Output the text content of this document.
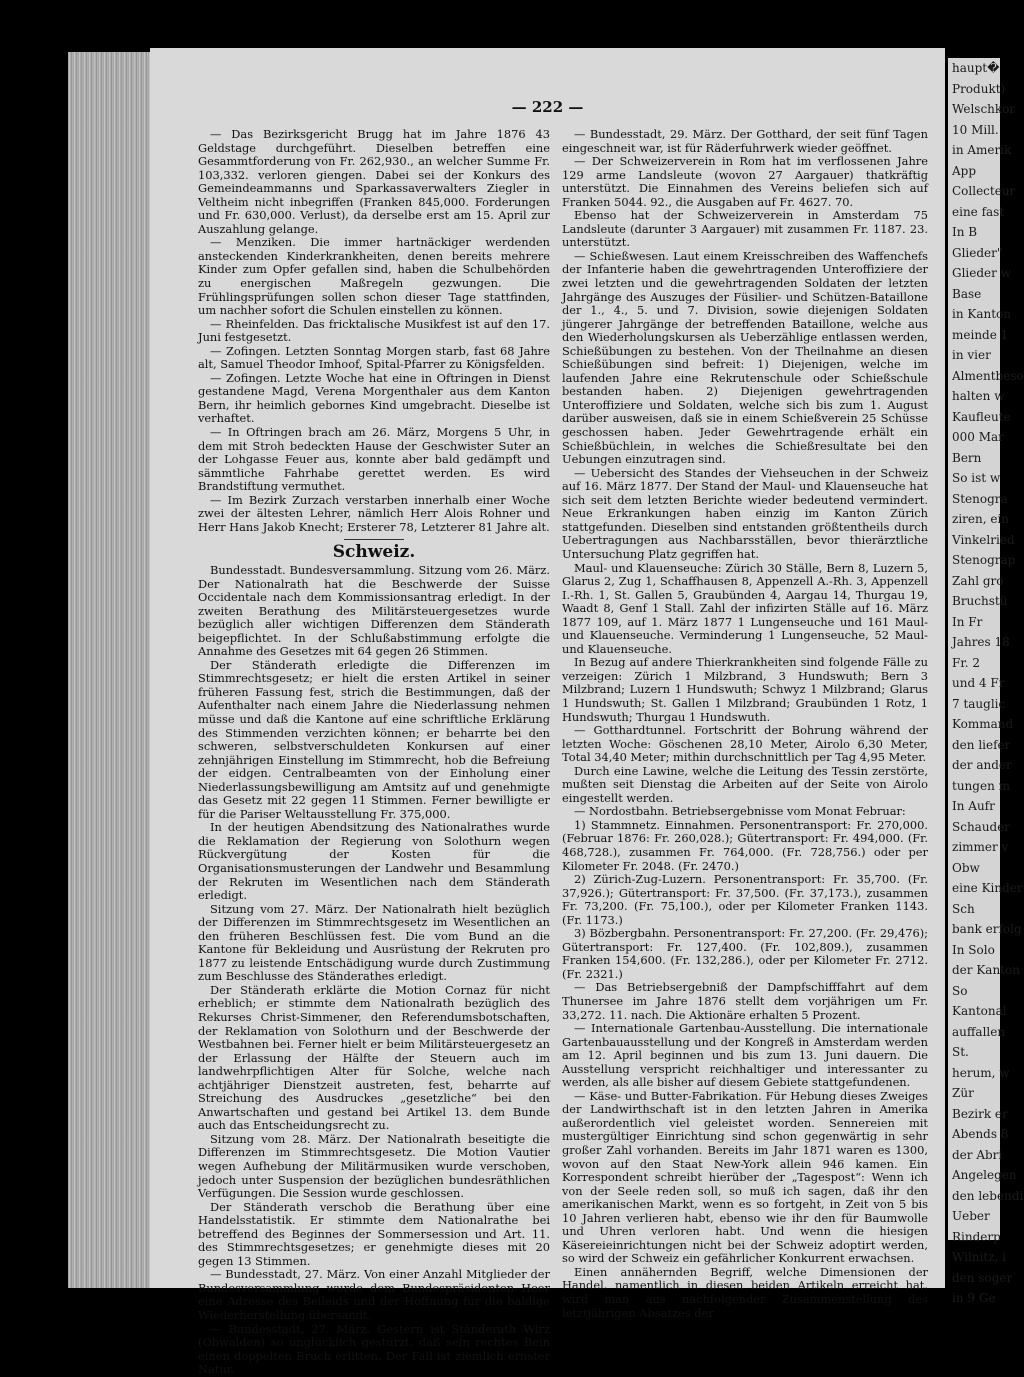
— 222 —

— Das Bezirksgericht Brugg hat im Jahre 1876 43 Geldstage durchgeführt. Dieselben betreffen eine Gesammtforderung von Fr. 262,930., an welcher Summe Fr. 103,332. verloren giengen. Dabei sei der Konkurs des Gemeindeammanns und Sparkassaverwalters Ziegler in Veltheim nicht inbegriffen (Franken 845,000. Forderungen und Fr. 630,000. Verlust), da derselbe erst am 15. April zur Auszahlung gelange.

— Menziken. Die immer hartnäckiger werdenden ansteckenden Kinderkrankheiten, denen bereits mehrere Kinder zum Opfer gefallen sind, haben die Schulbehörden zu energischen Maßregeln gezwungen. Die Frühlingsprüfungen sollen schon dieser Tage stattfinden, um nachher sofort die Schulen einstellen zu können.

— Rheinfelden. Das fricktalische Musikfest ist auf den 17. Juni festgesetzt.

— Zofingen. Letzten Sonntag Morgen starb, fast 68 Jahre alt, Samuel Theodor Imhoof, Spital-Pfarrer zu Königsfelden.

— Zofingen. Letzte Woche hat eine in Oftringen in Dienst gestandene Magd, Verena Morgenthaler aus dem Kanton Bern, ihr heimlich gebornes Kind umgebracht. Dieselbe ist verhaftet.

— In Oftringen brach am 26. März, Morgens 5 Uhr, in dem mit Stroh bedeckten Hause der Geschwister Suter an der Lohgasse Feuer aus, konnte aber bald gedämpft und sämmtliche Fahrhabe gerettet werden. Es wird Brandstiftung vermuthet.

— Im Bezirk Zurzach verstarben innerhalb einer Woche zwei der ältesten Lehrer, nämlich Herr Alois Rohner und Herr Hans Jakob Knecht; Ersterer 78, Letzterer 81 Jahre alt.

Schweiz.

Bundesstadt. Bundesversammlung. Sitzung vom 26. März. Der Nationalrath hat die Beschwerde der Suisse Occidentale nach dem Kommissionsantrag erledigt. In der zweiten Berathung des Militärsteuergesetzes wurde bezüglich aller wichtigen Differenzen dem Ständerath beigepflichtet. In der Schlußabstimmung erfolgte die Annahme des Gesetzes mit 64 gegen 26 Stimmen.

Der Ständerath erledigte die Differenzen im Stimmrechtsgesetz; er hielt die ersten Artikel in seiner früheren Fassung fest, strich die Bestimmungen, daß der Aufenthalter nach einem Jahre die Niederlassung nehmen müsse und daß die Kantone auf eine schriftliche Erklärung des Stimmenden verzichten können; er beharrte bei den schweren, selbstverschuldeten Konkursen auf einer zehnjährigen Einstellung im Stimmrecht, hob die Befreiung der eidgen. Centralbeamten von der Einholung einer Niederlassungsbewilligung am Amtsitz auf und genehmigte das Gesetz mit 22 gegen 11 Stimmen. Ferner bewilligte er für die Pariser Weltausstellung Fr. 375,000.

In der heutigen Abendsitzung des Nationalrathes wurde die Reklamation der Regierung von Solothurn wegen Rückvergütung der Kosten für die Organisationsmusterungen der Landwehr und Besammlung der Rekruten im Wesentlichen nach dem Ständerath erledigt.

Sitzung vom 27. März. Der Nationalrath hielt bezüglich der Differenzen im Stimmrechtsgesetz im Wesentlichen an den früheren Beschlüssen fest. Die vom Bund an die Kantone für Bekleidung und Ausrüstung der Rekruten pro 1877 zu leistende Entschädigung wurde durch Zustimmung zum Beschlusse des Ständerathes erledigt.

Der Ständerath erklärte die Motion Cornaz für nicht erheblich; er stimmte dem Nationalrath bezüglich des Rekurses Christ-Simmener, den Referendumsbotschaften, der Reklamation von Solothurn und der Beschwerde der Westbahnen bei. Ferner hielt er beim Militärsteuergesetz an der Erlassung der Hälfte der Steuern auch im landwehrpflichtigen Alter für Solche, welche nach achtjähriger Dienstzeit austreten, fest, beharrte auf Streichung des Ausdruckes „gesetzliche“ bei den Anwartschaften und gestand bei Artikel 13. dem Bunde auch das Entscheidungsrecht zu.

Sitzung vom 28. März. Der Nationalrath beseitigte die Differenzen im Stimmrechtsgesetz. Die Motion Vautier wegen Aufhebung der Militärmusiken wurde verschoben, jedoch unter Suspension der bezüglichen bundesräthlichen Verfügungen. Die Session wurde geschlossen.

Der Ständerath verschob die Berathung über eine Handelsstatistik. Er stimmte dem Nationalrathe bei betreffend des Beginnes der Sommersession und Art. 11. des Stimmrechtsgesetzes; er genehmigte dieses mit 20 gegen 13 Stimmen.

— Bundesstadt, 27. März. Von einer Anzahl Mitglieder der Bundesversammlung wurde dem Bundespräsidenten Heer eine Adresse des Beileids und der Hoffnung für die baldige Wiederherstellung übersandt.

— Bundesstadt, 27. März. Gestern ist Ständerath Wirz (Obwalden) so unglücklich gestürzt, daß sein rechtes Bein einen doppelten Bruch erlitten. Der Fall ist ziemlich ernster Natur.

— Bundesstadt, 29. März. Der Gotthard, der seit fünf Tagen eingeschneit war, ist für Räderfuhrwerk wieder geöffnet.

— Der Schweizerverein in Rom hat im verflossenen Jahre 129 arme Landsleute (wovon 27 Aargauer) thatkräftig unterstützt. Die Einnahmen des Vereins beliefen sich auf Franken 5044. 92., die Ausgaben auf Fr. 4627. 70.

Ebenso hat der Schweizerverein in Amsterdam 75 Landsleute (darunter 3 Aargauer) mit zusammen Fr. 1187. 23. unterstützt.

— Schießwesen. Laut einem Kreisschreiben des Waffenchefs der Infanterie haben die gewehrtragenden Unteroffiziere der zwei letzten und die gewehrtragenden Soldaten der letzten Jahrgänge des Auszuges der Füsilier- und Schützen-Bataillone der 1., 4., 5. und 7. Division, sowie diejenigen Soldaten jüngerer Jahrgänge der betreffenden Bataillone, welche aus den Wiederholungskursen als Ueberzählige entlassen werden, Schießübungen zu bestehen. Von der Theilnahme an diesen Schießübungen sind befreit: 1) Diejenigen, welche im laufenden Jahre eine Rekrutenschule oder Schießschule bestanden haben. 2) Diejenigen gewehrtragenden Unteroffiziere und Soldaten, welche sich bis zum 1. August darüber ausweisen, daß sie in einem Schießverein 25 Schüsse geschossen haben. Jeder Gewehrtragende erhält ein Schießbüchlein, in welches die Schießresultate bei den Uebungen einzutragen sind.

— Uebersicht des Standes der Viehseuchen in der Schweiz auf 16. März 1877. Der Stand der Maul- und Klauenseuche hat sich seit dem letzten Berichte wieder bedeutend vermindert. Neue Erkrankungen haben einzig im Kanton Zürich stattgefunden. Dieselben sind entstanden größtentheils durch Uebertragungen aus Nachbarsställen, bevor thierärztliche Untersuchung Platz gegriffen hat.

Maul- und Klauenseuche: Zürich 30 Ställe, Bern 8, Luzern 5, Glarus 2, Zug 1, Schaffhausen 8, Appenzell A.-Rh. 3, Appenzell I.-Rh. 1, St. Gallen 5, Graubünden 4, Aargau 14, Thurgau 19, Waadt 8, Genf 1 Stall. Zahl der infizirten Ställe auf 16. März 1877 109, auf 1. März 1877 1 Lungenseuche und 161 Maul- und Klauenseuche. Verminderung 1 Lungenseuche, 52 Maul- und Klauenseuche.

In Bezug auf andere Thierkrankheiten sind folgende Fälle zu verzeigen: Zürich 1 Milzbrand, 3 Hundswuth; Bern 3 Milzbrand; Luzern 1 Hundswuth; Schwyz 1 Milzbrand; Glarus 1 Hundswuth; St. Gallen 1 Milzbrand; Graubünden 1 Rotz, 1 Hundswuth; Thurgau 1 Hundswuth.

— Gotthardtunnel. Fortschritt der Bohrung während der letzten Woche: Göschenen 28,10 Meter, Airolo 6,30 Meter, Total 34,40 Meter; mithin durchschnittlich per Tag 4,95 Meter.

Durch eine Lawine, welche die Leitung des Tessin zerstörte, mußten seit Dienstag die Arbeiten auf der Seite von Airolo eingestellt werden.

— Nordostbahn. Betriebsergebnisse vom Monat Februar:

1) Stammnetz. Einnahmen. Personentransport: Fr. 270,000. (Februar 1876: Fr. 260,028.); Gütertransport: Fr. 494,000. (Fr. 468,728.), zusammen Fr. 764,000. (Fr. 728,756.) oder per Kilometer Fr. 2048. (Fr. 2470.)

2) Zürich-Zug-Luzern. Personentransport: Fr. 35,700. (Fr. 37,926.); Gütertransport: Fr. 37,500. (Fr. 37,173.), zusammen Fr. 73,200. (Fr. 75,100.), oder per Kilometer Franken 1143. (Fr. 1173.)

3) Bözbergbahn. Personentransport: Fr. 27,200. (Fr. 29,476); Gütertransport: Fr. 127,400. (Fr. 102,809.), zusammen Franken 154,600. (Fr. 132,286.), oder per Kilometer Fr. 2712. (Fr. 2321.)

— Das Betriebsergebniß der Dampfschifffahrt auf dem Thunersee im Jahre 1876 stellt dem vorjährigen um Fr. 33,272. 11. nach. Die Aktionäre erhalten 5 Prozent.

— Internationale Gartenbau-Ausstellung. Die internationale Gartenbauausstellung und der Kongreß in Amsterdam werden am 12. April beginnen und bis zum 13. Juni dauern. Die Ausstellung verspricht reichhaltiger und interessanter zu werden, als alle bisher auf diesem Gebiete stattgefundenen.

— Käse- und Butter-Fabrikation. Für Hebung dieses Zweiges der Landwirthschaft ist in den letzten Jahren in Amerika außerordentlich viel geleistet worden. Sennereien mit mustergültiger Einrichtung sind schon gegenwärtig in sehr großer Zahl vorhanden. Bereits im Jahr 1871 waren es 1300, wovon auf den Staat New-York allein 946 kamen. Ein Korrespondent schreibt hierüber der „Tagespost“: Wenn ich von der Seele reden soll, so muß ich sagen, daß ihr den amerikanischen Markt, wenn es so fortgeht, in Zeit von 5 bis 10 Jahren verlieren habt, ebenso wie ihr den für Baumwolle und Uhren verloren habt. Und wenn die hiesigen Käsereieinrichtungen nicht bei der Schweiz adoptirt werden, so wird der Schweiz ein gefährlicher Konkurrent erwachsen.

Einen annähernden Begriff, welche Dimensionen der Handel, namentlich in diesen beiden Artikeln erreicht hat, wird man aus nachfolgender Zusammenstellung des letztjährigen Absatzes der

haupt�
Produkt)
Welschkor
10 Mill.
in Amerik
App
Collecteur
eine fast
In B
Glieder"
Glieder w
Base
in Kanton
meinde 1
in vier
Almentbeso
halten w
Kaufleute
000 Mar
Bern
So ist w
Stenogra
ziren, ein
Vinkelried
Stenograp
Zahl gro
Bruchstü
In Fr
Jahres 18
Fr. 2
und 4 Fr
7 tauglic
Kommand
den liefer
der ander
tungen m
In Aufr
Schauder
zimmer v
Obw
eine Kinder
Sch
bank erfolg
In Solo
der Kanton
So
Kantonal
auffallen
St.
herum, w
Zür
Bezirk er
Abends 8
der Abri
Angelegen
den lebendi
Ueber
Rinderp
Wilnitz, i
den soger
in 9 Ge
